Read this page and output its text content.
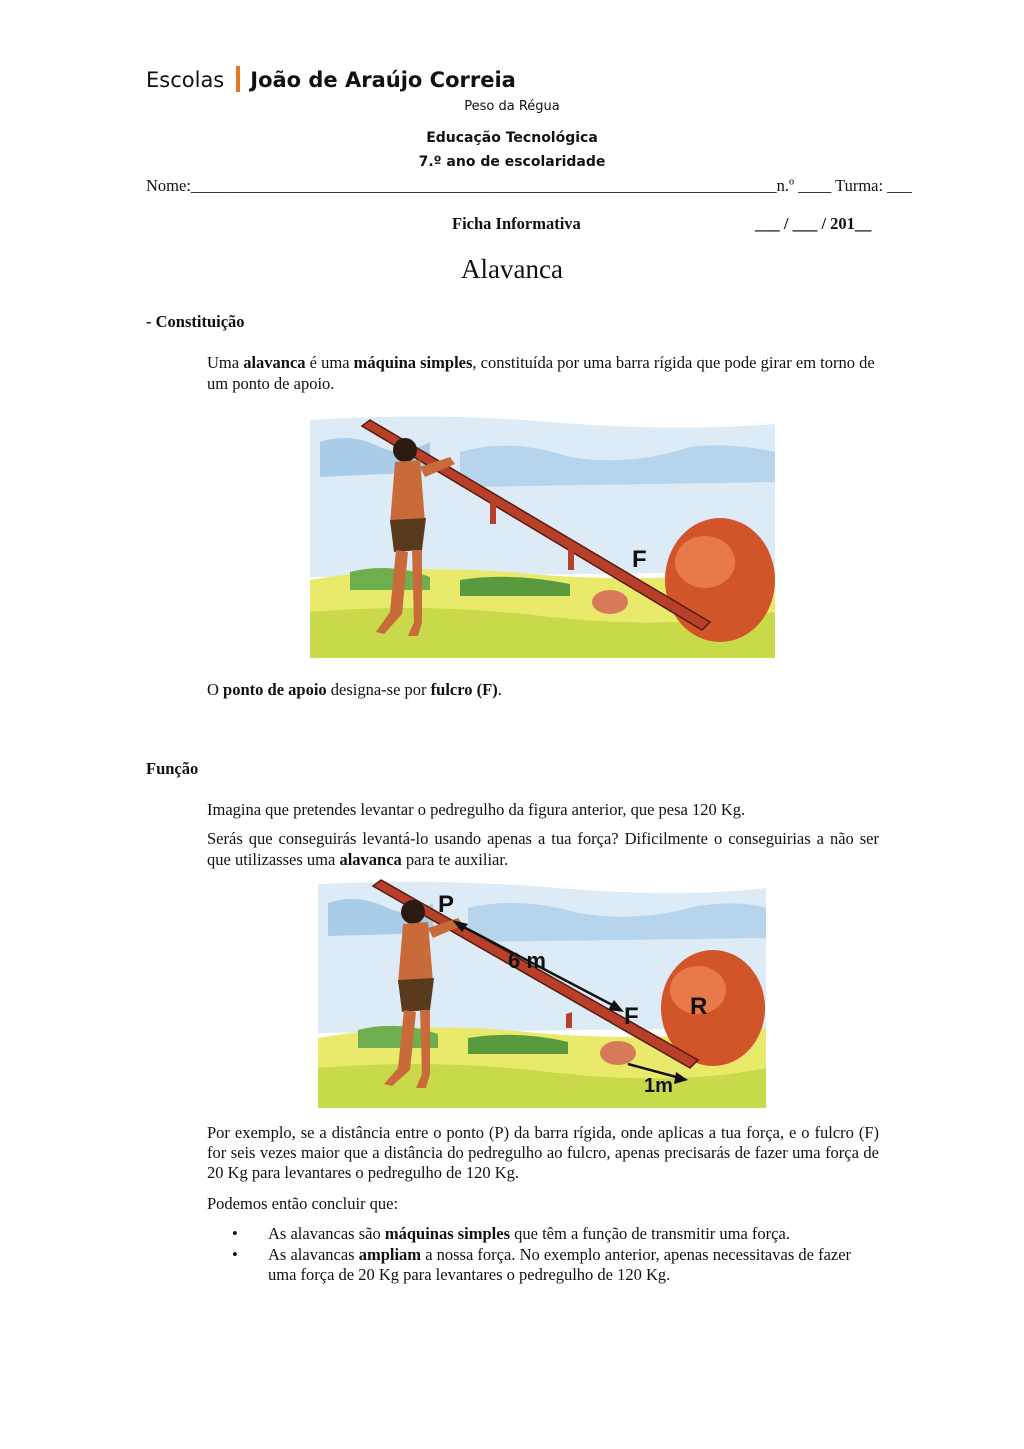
Escolas João de Araújo Correia
Peso da Régua
Educação Tecnológica
7.º ano de escolaridade
Nome:_______________________________________________________________________n.º ____ Turma: ___
Ficha Informativa	___ / ___ / 201__
Alavanca
- Constituição
Uma alavanca é uma máquina simples, constituída por uma barra rígida que pode girar em torno de um ponto de apoio.
F
O ponto de apoio designa-se por fulcro (F).
Função
Imagina que pretendes levantar o pedregulho da figura anterior, que pesa 120 Kg.
Serás que conseguirás levantá-lo usando apenas a tua força? Dificilmente o conseguirias a não ser que utilizasses uma alavanca para te auxiliar.
P
6 m
F R
1m
Por exemplo, se a distância entre o ponto (P) da barra rígida, onde aplicas a tua força, e o fulcro (F) for seis vezes maior que a distância do pedregulho ao fulcro, apenas precisarás de fazer uma força de 20 Kg para levantares o pedregulho de 120 Kg.
Podemos então concluir que:
• As alavancas são máquinas simples que têm a função de transmitir uma força.
• As alavancas ampliam a nossa força. No exemplo anterior, apenas necessitavas de fazer uma força de 20 Kg para levantares o pedregulho de 120 Kg.
